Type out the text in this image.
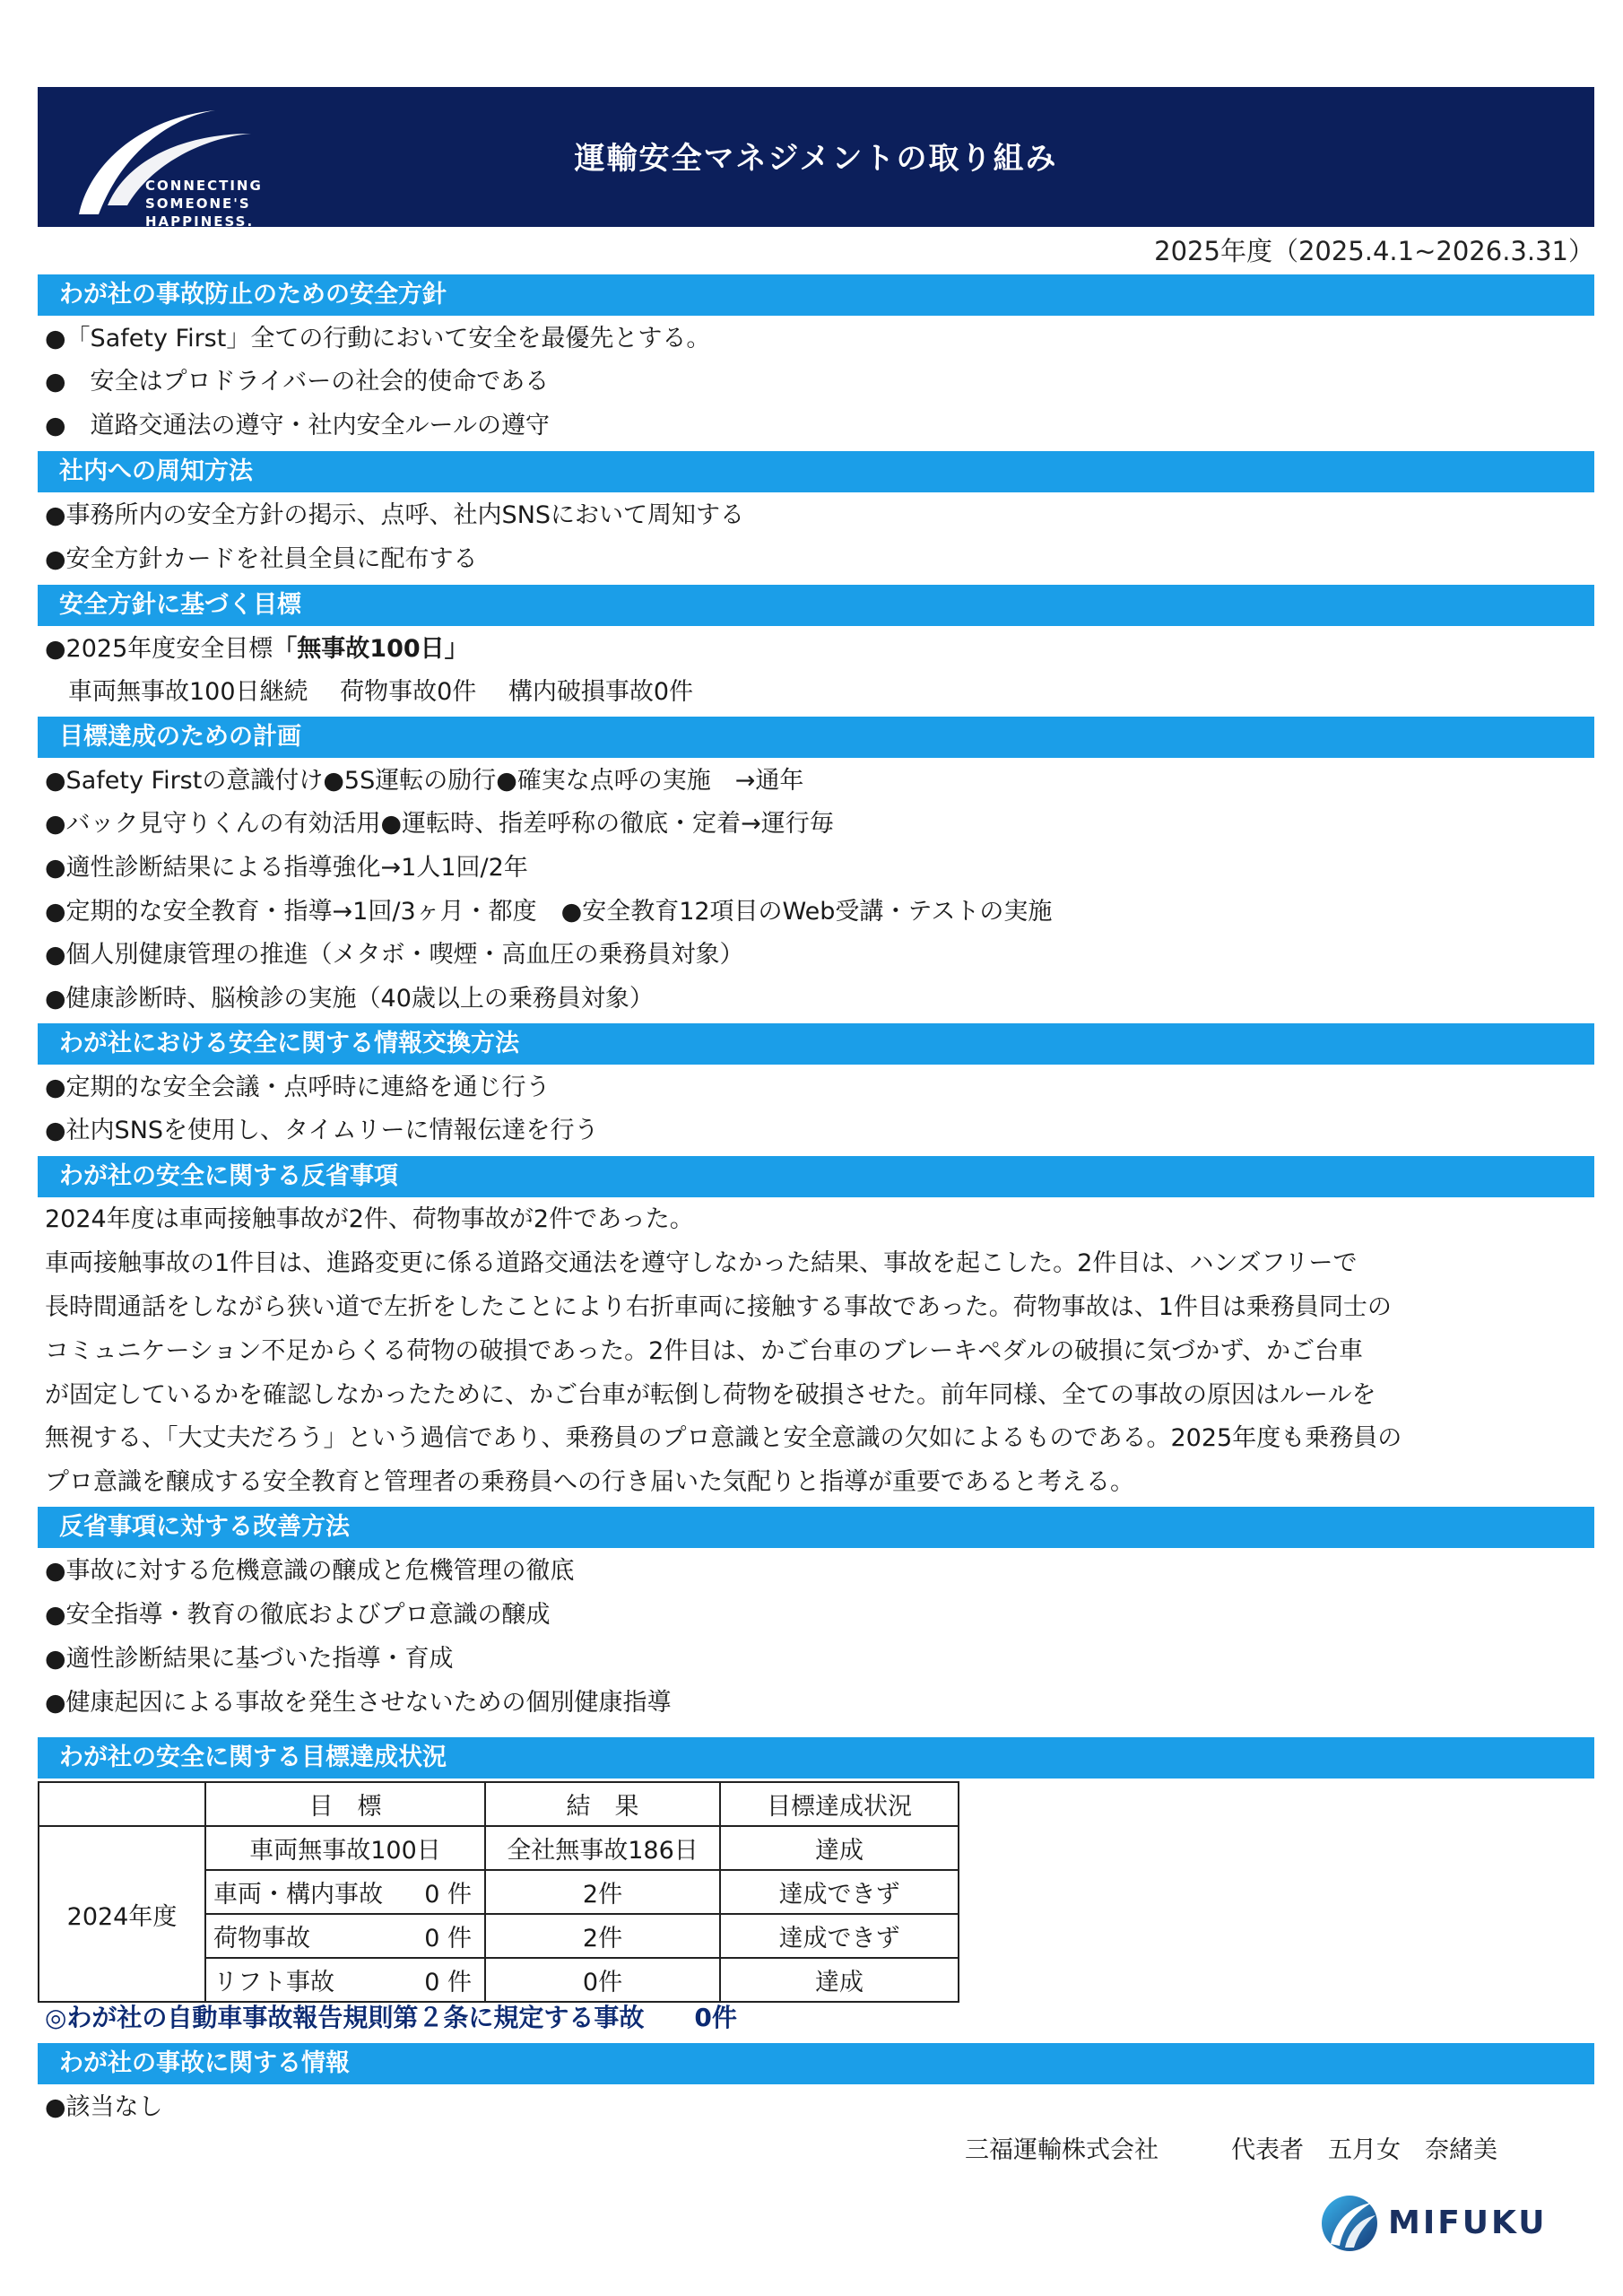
CONNECTING
SOMEONE'S
HAPPINESS.
運輸安全マネジメントの取り組み
2025年度（2025.4.1~2026.3.31）
わが社の事故防止のための安全方針
●「Safety First」全ての行動において安全を最優先とする。
●　安全はプロドライバーの社会的使命である
●　道路交通法の遵守・社内安全ルールの遵守
社内への周知方法
●事務所内の安全方針の掲示、点呼、社内SNSにおいて周知する
●安全方針カードを社員全員に配布する
安全方針に基づく目標
●2025年度安全目標「無事故100日」
車両無事故100日継続　 荷物事故0件　 構内破損事故0件
目標達成のための計画
●Safety Firstの意識付け●5S運転の励行●確実な点呼の実施　→通年
●バック見守りくんの有効活用●運転時、指差呼称の徹底・定着→運行毎
●適性診断結果による指導強化→1人1回/2年
●定期的な安全教育・指導→1回/3ヶ月・都度　●安全教育12項目のWeb受講・テストの実施
●個人別健康管理の推進（メタボ・喫煙・高血圧の乗務員対象）
●健康診断時、脳検診の実施（40歳以上の乗務員対象）
わが社における安全に関する情報交換方法
●定期的な安全会議・点呼時に連絡を通じ行う
●社内SNSを使用し、タイムリーに情報伝達を行う
わが社の安全に関する反省事項
2024年度は車両接触事故が2件、荷物事故が2件であった。
車両接触事故の1件目は、進路変更に係る道路交通法を遵守しなかった結果、事故を起こした。2件目は、ハンズフリーで
長時間通話をしながら狭い道で左折をしたことにより右折車両に接触する事故であった。荷物事故は、1件目は乗務員同士の
コミュニケーション不足からくる荷物の破損であった。2件目は、かご台車のブレーキペダルの破損に気づかず、かご台車
が固定しているかを確認しなかったために、かご台車が転倒し荷物を破損させた。前年同様、全ての事故の原因はルールを
無視する、「大丈夫だろう」という過信であり、乗務員のプロ意識と安全意識の欠如によるものである。2025年度も乗務員の
プロ意識を醸成する安全教育と管理者の乗務員への行き届いた気配りと指導が重要であると考える。
反省事項に対する改善方法
●事故に対する危機意識の醸成と危機管理の徹底
●安全指導・教育の徹底およびプロ意識の醸成
●適性診断結果に基づいた指導・育成
●健康起因による事故を発生させないための個別健康指導
わが社の安全に関する目標達成状況
	目　標	結　果	目標達成状況
2024年度	車両無事故100日	全社無事故186日	達成
	車両・構内事故 0 件	2件	達成できず
	荷物事故 0 件	2件	達成できず
	リフト事故 0 件	0件	達成
◎わが社の自動車事故報告規則第２条に規定する事故　　0件
わが社の事故に関する情報
●該当なし
三福運輸株式会社　　　代表者　五月女　奈緒美
MIFUKU
